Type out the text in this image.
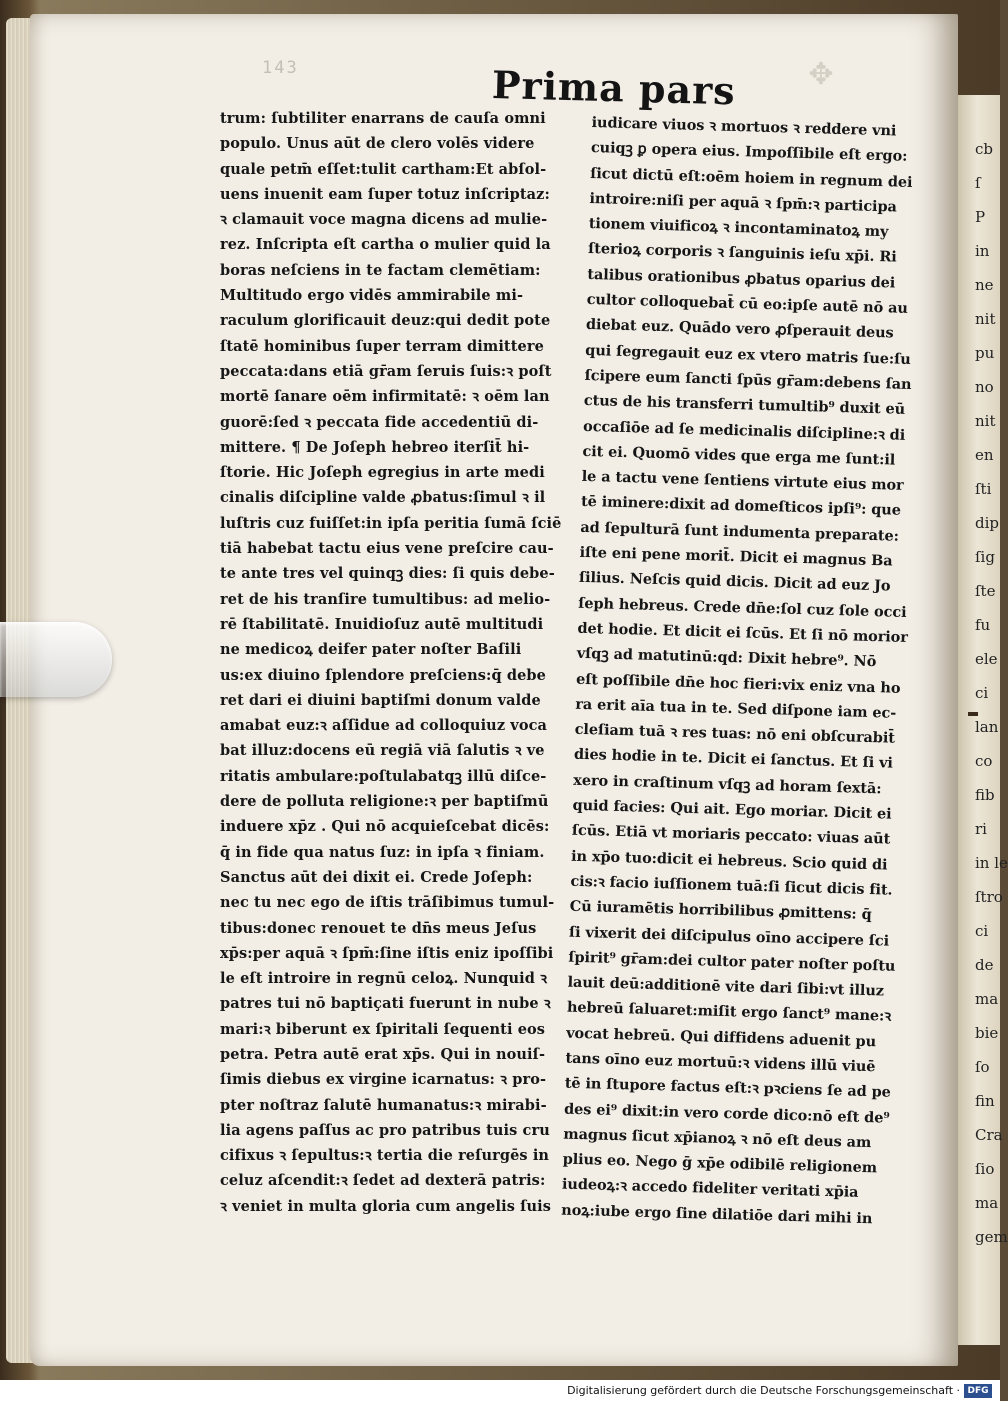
cb
ſ
P
in
ne
nit
pu
no
nit
en
ſti
dip
ſig
ſte
fu
ele
ci
lan
co
fib
ri
in le
ſtro
ci
de
ma
bie
ſo
fin
Cra
ſio
ma
gem
143	Prima pars ✥
trum: ſubtiliter enarrans de cauſa omni
populo. Unus aūt de clero volēs videre
quale petm̄ eſſet:tulit cartham:Et abſol‑
uens inuenit eam ſuper totuz inſcriptaz:
ꝛ clamauit voce magna dicens ad mulie‑
rez. Inſcripta eſt cartha o mulier quid la
boras neſciens in te factam clemētiam:
Multitudo ergo vidēs ammirabile mi‑
raculum glorificauit deuz:qui dedit pote
ſtatē hominibus ſuper terram dimittere
peccata:dans etiā gr̄am ſeruis ſuis:ꝛ poſt
mortē ſanare oēm infirmitatē: ꝛ oēm lan
guorē:ſed ꝛ peccata fide accedentiū di‑
mittere. ¶ De Joſeph hebreo iterſit̄ hi‑
ſtorie. Hic Joſeph egregius in arte medi
cinalis diſcipline valde ꝓbatus:ſimul ꝛ il
luſtris cuz fuiſſet:in ipſa peritia ſumā ſciē
tiā habebat tactu eius vene preſcire cau‑
te ante tres vel quinqꝫ dies: ſi quis debe‑
ret de his tranſire tumultibus: ad melio‑
rē ſtabilitatē. Inuidioſuz autē multitudi
ne medicoꝝ deifer pater noſter Baſili
us:ex diuino ſplendore preſciens:q̄ debe
ret dari ei diuini baptiſmi donum valde
amabat euz:ꝛ aſſidue ad colloquiuz voca
bat illuz:docens eū regiā viā ſalutis ꝛ ve
ritatis ambulare:poſtulabatqꝫ illū diſce‑
dere de polluta religione:ꝛ per baptiſmū
induere xp̄z . Qui nō acquieſcebat dicēs:
q̄ in fide qua natus ſuz: in ipſa ꝛ finiam.
Sanctus aūt dei dixit ei. Crede Joſeph:
nec tu nec ego de iſtis trāſibimus tumul‑
tibus:donec renouet te dn̄s meus Jeſus
xp̄s:per aquā ꝛ ſpm̄:ſine iſtis eniz ipoſſibi
le eſt introire in regnū celoꝝ. Nunquid ꝛ
patres tui nō baptiçati fuerunt in nube ꝛ
mari:ꝛ biberunt ex ſpiritali ſequenti eos
petra. Petra autē erat xp̄s. Qui in nouiſ‑
ſimis diebus ex virgine icarnatus: ꝛ pro‑
pter noſtraz ſalutē humanatus:ꝛ mirabi‑
lia agens paſſus ac pro patribus tuis cru
cifixus ꝛ ſepultus:ꝛ tertia die reſurgēs in
celuz aſcendit:ꝛ ſedet ad dexterā patris:
ꝛ veniet in multa gloria cum angelis ſuis
iudicare viuos ꝛ mortuos ꝛ reddere vni
cuiqꝫ ꝑ opera eius. Impoſſibile eſt ergo:
ſicut dictū eſt:oēm hoiem in regnum dei
introire:niſi per aquā ꝛ ſpm̄:ꝛ participa
tionem viuificoꝝ ꝛ incontaminatoꝝ my
ſterioꝝ corporis ꝛ ſanguinis ieſu xp̄i. Ri
talibus orationibus ꝓbatus oparius dei
cultor colloquebat̄ cū eo:ipſe autē nō au
diebat euz. Quādo vero ꝓſperauit deus
qui ſegregauit euz ex vtero matris ſue:ſu
ſcipere eum ſancti ſpūs gr̄am:debens ſan
ctus de his transferri tumultib⁹ duxit eū
occaſiōe ad ſe medicinalis diſcipline:ꝛ di
cit ei. Quomō vides que erga me ſunt:il
le a tactu vene ſentiens virtute eius mor
tē iminere:dixit ad domeſticos ipſi⁹: que
ad ſepulturā ſunt indumenta preparate:
iſte eni pene morit̄. Dicit ei magnus Ba
ſilius. Neſcis quid dicis. Dicit ad euz Jo
ſeph hebreus. Crede dn̄e:ſol cuz ſole occi
det hodie. Et dicit ei ſcūs. Et ſi nō morior
vſqꝫ ad matutinū:qd: Dixit hebre⁹. Nō
eſt poſſibile dn̄e hoc fieri:vix eniz vna ho
ra erit aīa tua in te. Sed diſpone iam ec‑
cleſiam tuā ꝛ res tuas: nō eni obſcurabit̄
dies hodie in te. Dicit ei ſanctus. Et ſi vi
xero in craſtinum vſqꝫ ad horam ſextā:
quid facies: Qui ait. Ego moriar. Dicit ei
ſcūs. Etiā vt moriaris peccato: viuas aūt
in xp̄o tuo:dicit ei hebreus. Scio quid di
cis:ꝛ facio iuſſionem tuā:ſi ſicut dicis fit.
Cū iuramētis horribilibus ꝓmittens: q̄
ſi vixerit dei diſcipulus oīno accipere ſci
ſpirit⁹ gr̄am:dei cultor pater noſter poſtu
lauit deū:additionē vite dari ſibi:vt illuz
hebreū ſaluaret:miſit ergo ſanct⁹ mane:ꝛ
vocat hebreū. Qui diffidens aduenit pu
tans oīno euz mortuū:ꝛ videns illū viuē
tē in ſtupore factus eſt:ꝛ pꝛciens ſe ad pe
des ei⁹ dixit:in vero corde dico:nō eſt de⁹
magnus ſicut xp̄ianoꝝ ꝛ nō eſt deus am
plius eo. Nego ḡ xp̄e odibilē religionem
iudeoꝝ:ꝛ accedo fideliter veritati xp̄ia
noꝝ:iube ergo ſine dilatiōe dari mihi in
Digitalisierung gefördert durch die Deutsche Forschungsgemeinschaft · DFG
